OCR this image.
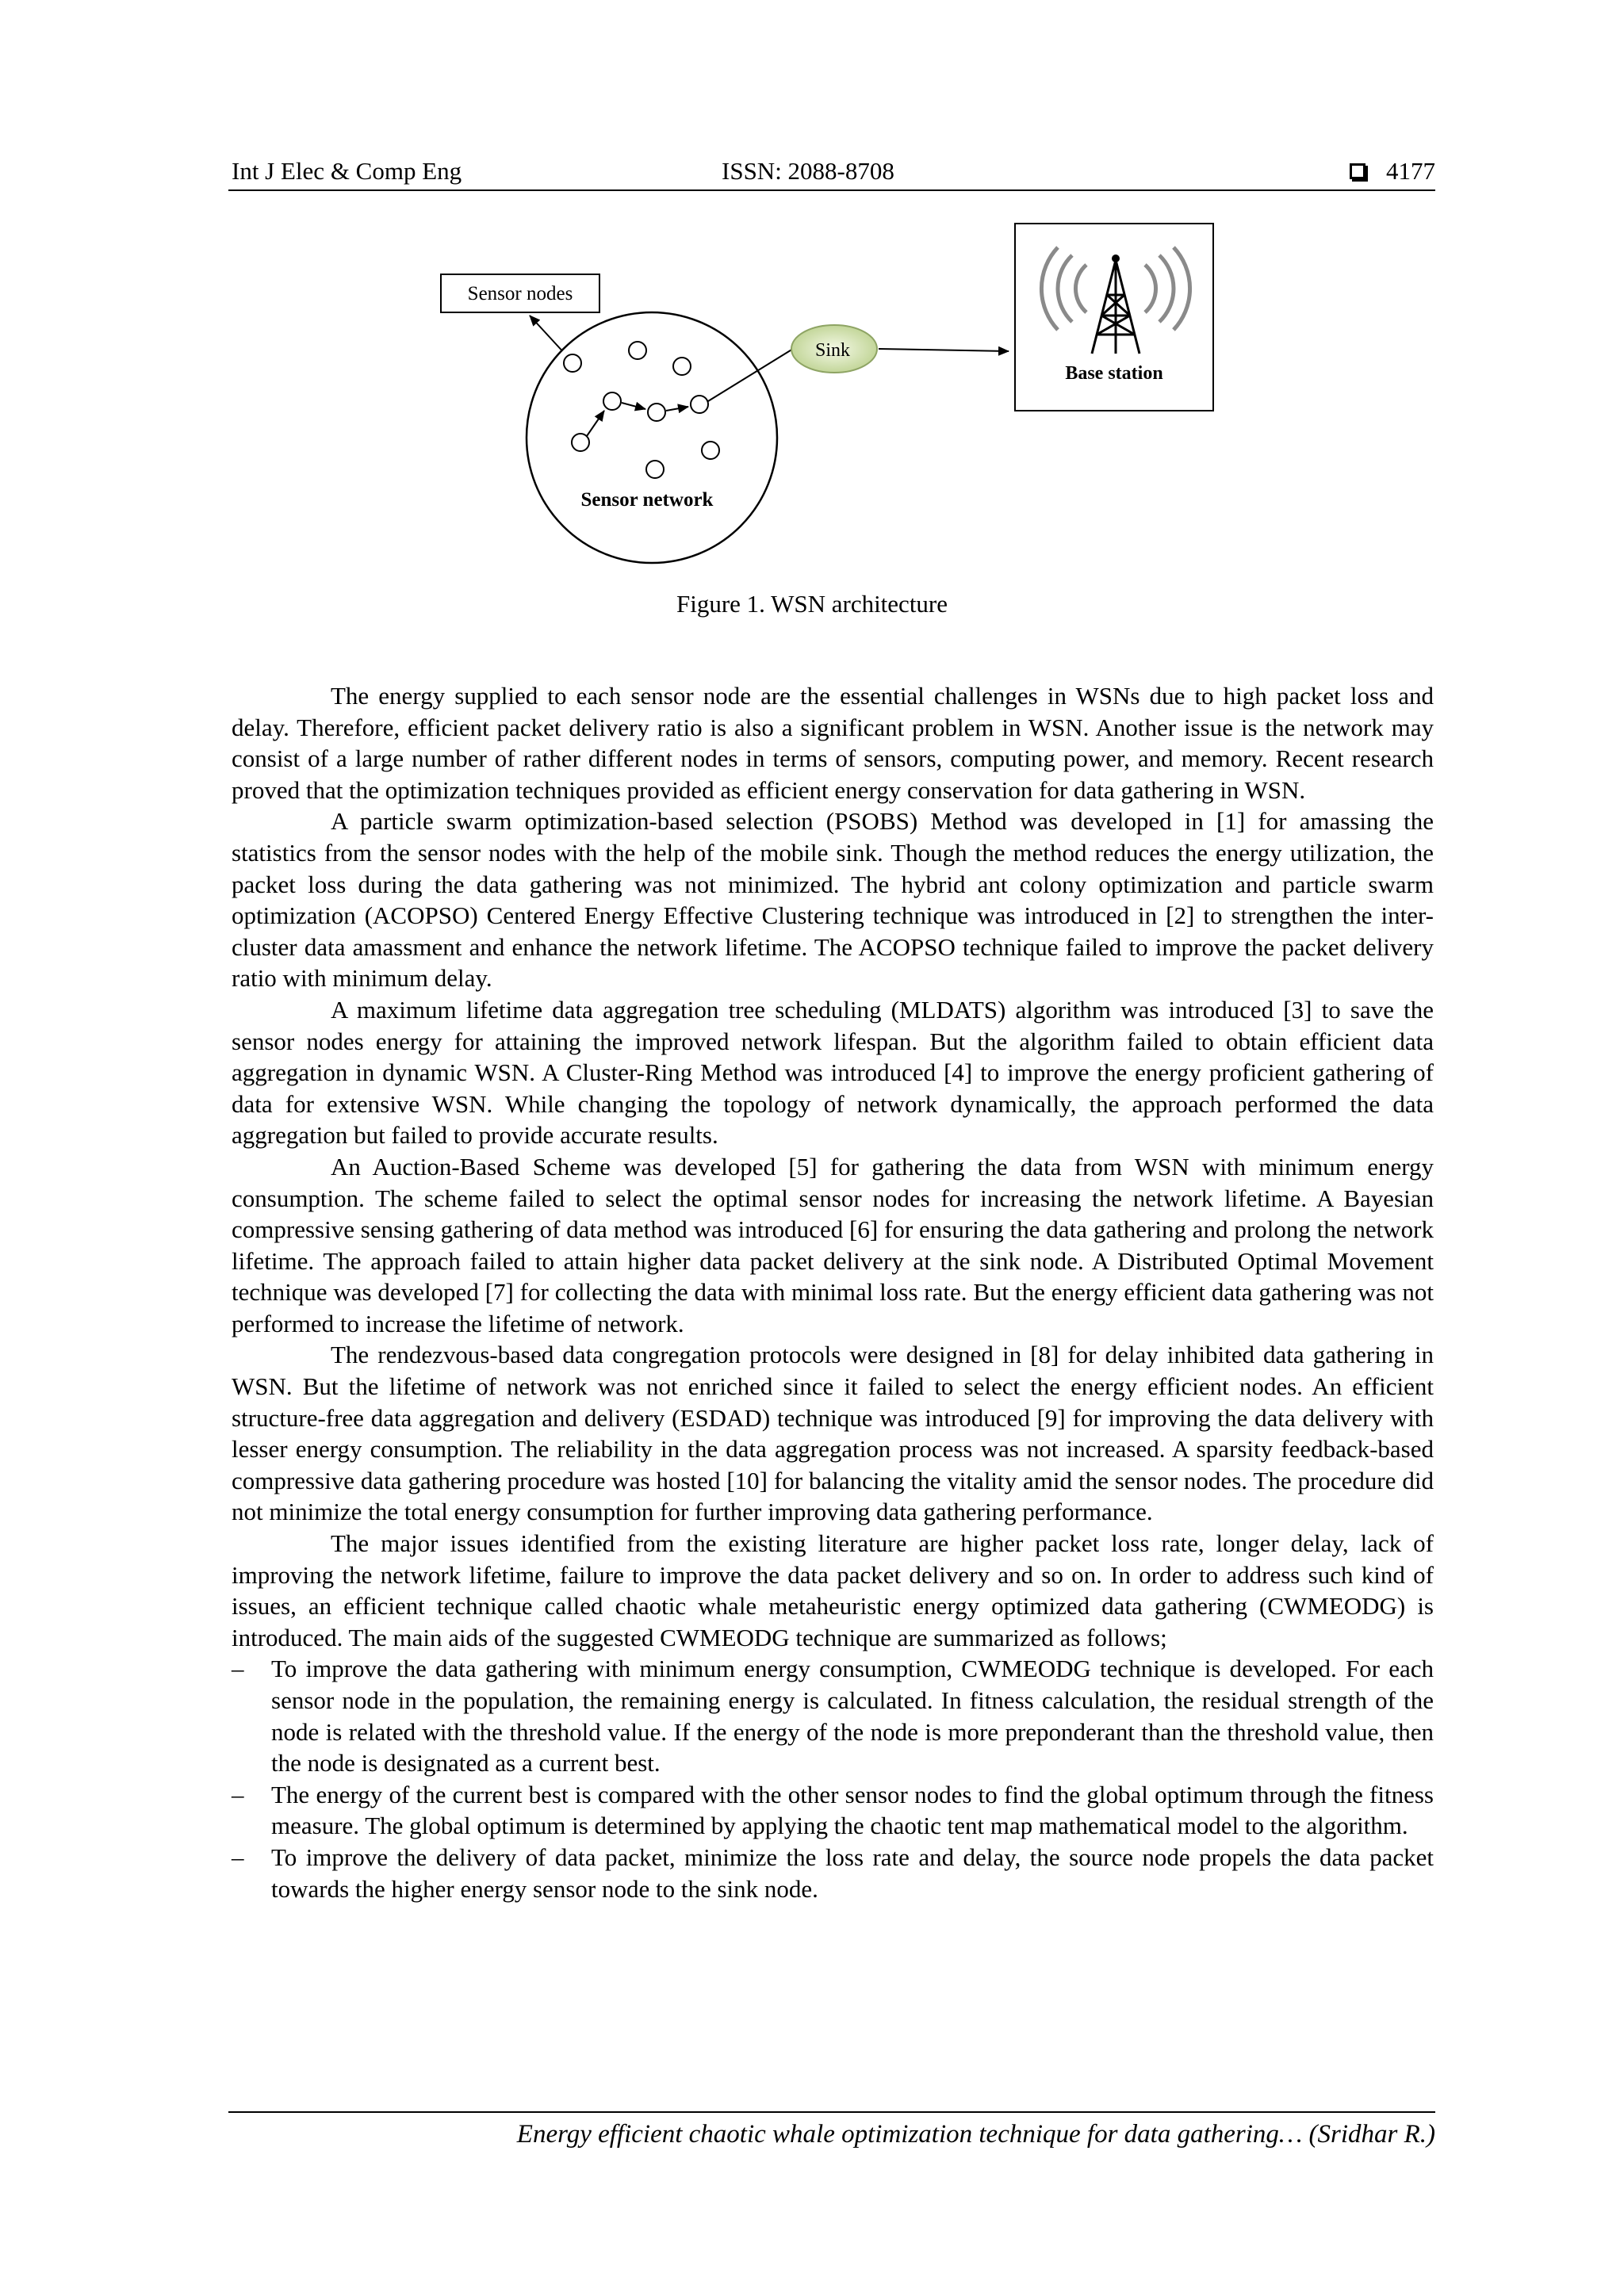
Int J Elec & Comp Eng	ISSN: 2088-8708	4177
Sensor nodes
Sensor network
Sink
Base station
Figure 1. WSN architecture

The energy supplied to each sensor node are the essential challenges in WSNs due to high packet loss and delay. Therefore, efficient packet delivery ratio is also a significant problem in WSN. Another issue is the network may consist of a large number of rather different nodes in terms of sensors, computing power, and memory. Recent research proved that the optimization techniques provided as efficient energy conservation for data gathering in WSN.

A particle swarm optimization-based selection (PSOBS) Method was developed in [1] for amassing the statistics from the sensor nodes with the help of the mobile sink. Though the method reduces the energy utilization, the packet loss during the data gathering was not minimized. The hybrid ant colony optimization and particle swarm optimization (ACOPSO) Centered Energy Effective Clustering technique was introduced in [2] to strengthen the inter-cluster data amassment and enhance the network lifetime. The ACOPSO technique failed to improve the packet delivery ratio with minimum delay.

A maximum lifetime data aggregation tree scheduling (MLDATS) algorithm was introduced [3] to save the sensor nodes energy for attaining the improved network lifespan. But the algorithm failed to obtain efficient data aggregation in dynamic WSN. A Cluster-Ring Method was introduced [4] to improve the energy proficient gathering of data for extensive WSN. While changing the topology of network dynamically, the approach performed the data aggregation but failed to provide accurate results.

An Auction-Based Scheme was developed [5] for gathering the data from WSN with minimum energy consumption. The scheme failed to select the optimal sensor nodes for increasing the network lifetime. A Bayesian compressive sensing gathering of data method was introduced [6] for ensuring the data gathering and prolong the network lifetime. The approach failed to attain higher data packet delivery at the sink node. A Distributed Optimal Movement technique was developed [7] for collecting the data with minimal loss rate. But the energy efficient data gathering was not performed to increase the lifetime of network.

The rendezvous-based data congregation protocols were designed in [8] for delay inhibited data gathering in WSN. But the lifetime of network was not enriched since it failed to select the energy efficient nodes. An efficient structure-free data aggregation and delivery (ESDAD) technique was introduced [9] for improving the data delivery with lesser energy consumption. The reliability in the data aggregation process was not increased. A sparsity feedback-based compressive data gathering procedure was hosted [10] for balancing the vitality amid the sensor nodes. The procedure did not minimize the total energy consumption for further improving data gathering performance.

The major issues identified from the existing literature are higher packet loss rate, longer delay, lack of improving the network lifetime, failure to improve the data packet delivery and so on. In order to address such kind of issues, an efficient technique called chaotic whale metaheuristic energy optimized data gathering (CWMEODG) is introduced. The main aids of the suggested CWMEODG technique are summarized as follows;

– To improve the data gathering with minimum energy consumption, CWMEODG technique is developed. For each sensor node in the population, the remaining energy is calculated. In fitness calculation, the residual strength of the node is related with the threshold value. If the energy of the node is more preponderant than the threshold value, then the node is designated as a current best.
– The energy of the current best is compared with the other sensor nodes to find the global optimum through the fitness measure. The global optimum is determined by applying the chaotic tent map mathematical model to the algorithm.
– To improve the delivery of data packet, minimize the loss rate and delay, the source node propels the data packet towards the higher energy sensor node to the sink node.
Energy efficient chaotic whale optimization technique for data gathering… (Sridhar R.)
